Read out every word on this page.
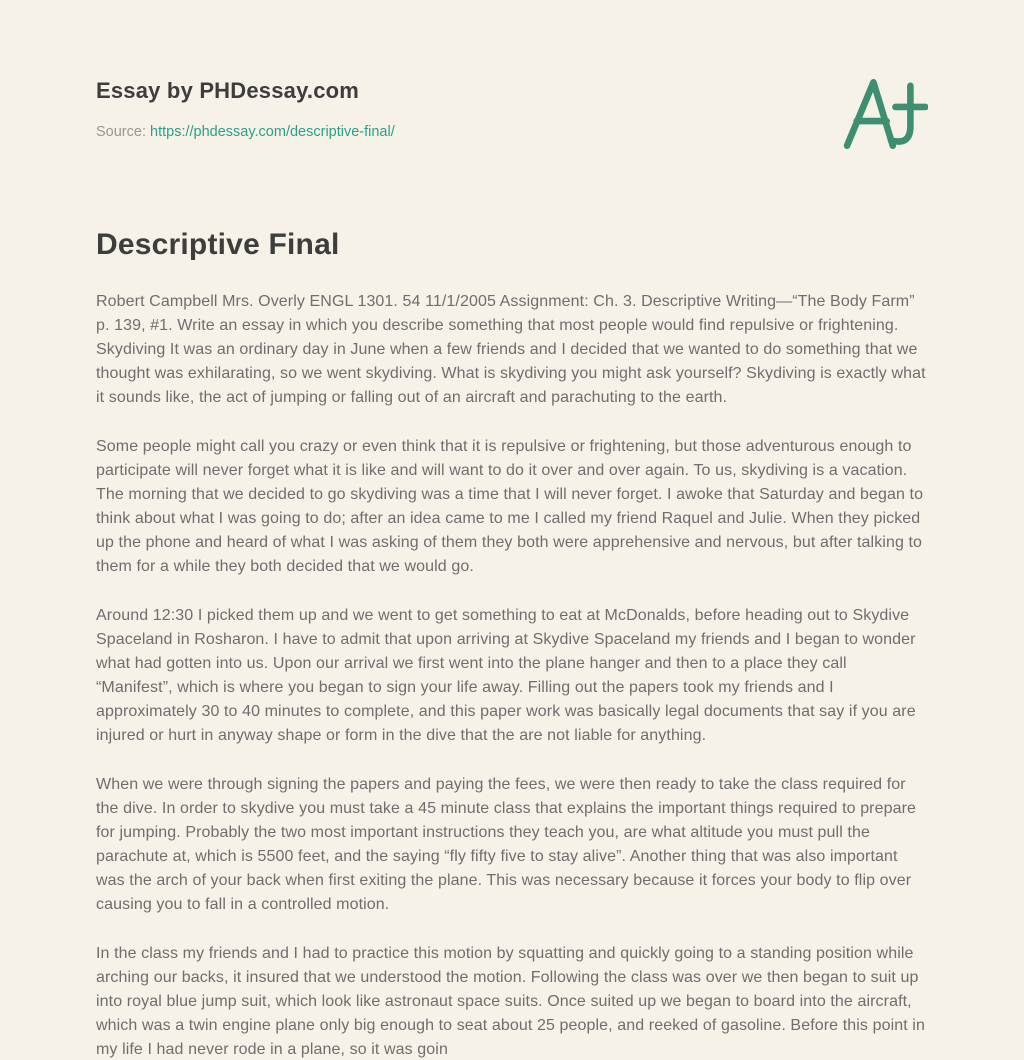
Essay by PHDessay.com
Source: https://phdessay.com/descriptive-final/
Descriptive Final

Robert Campbell Mrs. Overly ENGL 1301. 54 11/1/2005 Assignment: Ch. 3. Descriptive Writing—“The Body Farm” p. 139, #1. Write an essay in which you describe something that most people would find repulsive or frightening. Skydiving It was an ordinary day in June when a few friends and I decided that we wanted to do something that we thought was exhilarating, so we went skydiving. What is skydiving you might ask yourself? Skydiving is exactly what it sounds like, the act of jumping or falling out of an aircraft and parachuting to the earth.

Some people might call you crazy or even think that it is repulsive or frightening, but those adventurous enough to participate will never forget what it is like and will want to do it over and over again. To us, skydiving is a vacation. The morning that we decided to go skydiving was a time that I will never forget. I awoke that Saturday and began to think about what I was going to do; after an idea came to me I called my friend Raquel and Julie. When they picked up the phone and heard of what I was asking of them they both were apprehensive and nervous, but after talking to them for a while they both decided that we would go.

Around 12:30 I picked them up and we went to get something to eat at McDonalds, before heading out to Skydive Spaceland in Rosharon. I have to admit that upon arriving at Skydive Spaceland my friends and I began to wonder what had gotten into us. Upon our arrival we first went into the plane hanger and then to a place they call “Manifest”, which is where you began to sign your life away. Filling out the papers took my friends and I approximately 30 to 40 minutes to complete, and this paper work was basically legal documents that say if you are injured or hurt in anyway shape or form in the dive that the are not liable for anything.

When we were through signing the papers and paying the fees, we were then ready to take the class required for the dive. In order to skydive you must take a 45 minute class that explains the important things required to prepare for jumping. Probably the two most important instructions they teach you, are what altitude you must pull the parachute at, which is 5500 feet, and the saying “fly fifty five to stay alive”. Another thing that was also important was the arch of your back when first exiting the plane. This was necessary because it forces your body to flip over causing you to fall in a controlled motion.

In the class my friends and I had to practice this motion by squatting and quickly going to a standing position while arching our backs, it insured that we understood the motion. Following the class was over we then began to suit up into royal blue jump suit, which look like astronaut space suits. Once suited up we began to board into the aircraft, which was a twin engine plane only big enough to seat about 25 people, and reeked of gasoline. Before this point in my life I had never rode in a plane, so it was goin
